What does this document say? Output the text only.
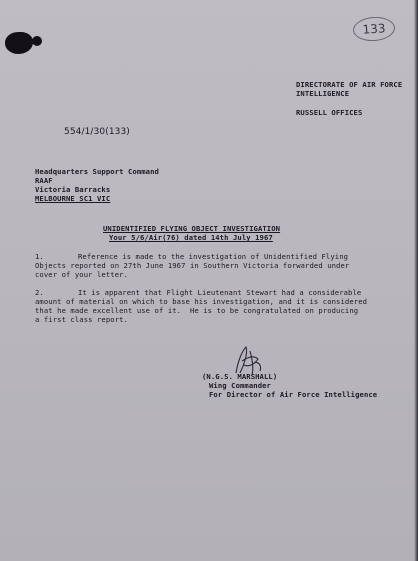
133
DIRECTORATE OF AIR FORCE
INTELLIGENCE
RUSSELL OFFICES
554/1/30(133)
Headquarters Support Command
RAAF
Victoria Barracks
MELBOURNE SC1 VIC
UNIDENTIFIED FLYING OBJECT INVESTIGATION
Your 5/6/Air(76) dated 14th July 1967
1.	Reference is made to the investigation of Unidentified Flying
Objects reported on 27th June 1967 in Southern Victoria forwarded under
cover of your letter.
2.	It is apparent that Flight Lieutenant Stewart had a considerable
amount of material on which to base his investigation, and it is considered
that he made excellent use of it.  He is to be congratulated on producing
a first class report.
(N.G.S. MARSHALL)
Wing Commander
For Director of Air Force Intelligence
